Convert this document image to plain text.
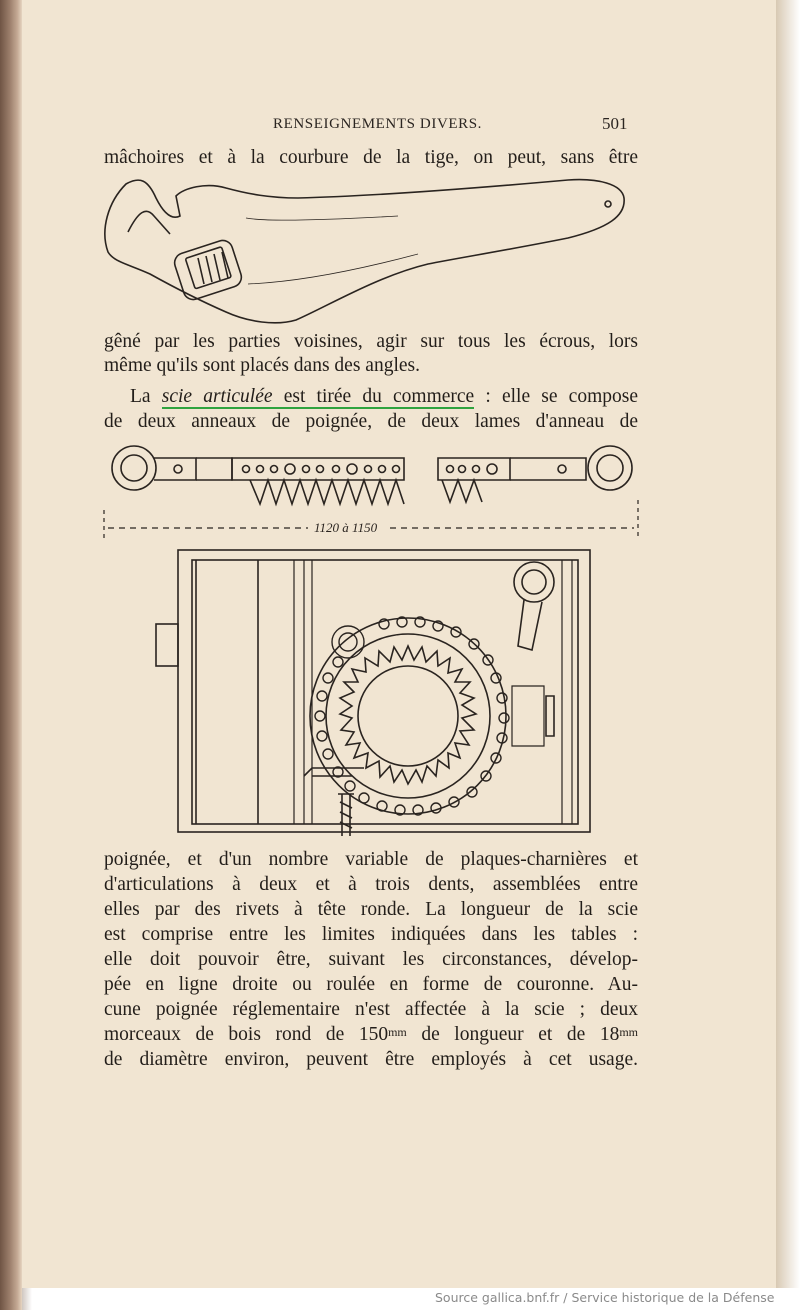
RENSEIGNEMENTS DIVERS.	501
mâchoires et à la courbure de la tige, on peut, sans être
gêné par les parties voisines, agir sur tous les écrous, lors
même qu'ils sont placés dans des angles.
La scie articulée est tirée du commerce : elle se compose
de deux anneaux de poignée, de deux lames d'anneau de
1120 à 1150
poignée, et d'un nombre variable de plaques-charnières et
d'articulations à deux et à trois dents, assemblées entre
elles par des rivets à tête ronde. La longueur de la scie
est comprise entre les limites indiquées dans les tables :
elle doit pouvoir être, suivant les circonstances, dévelop-
pée en ligne droite ou roulée en forme de couronne. Au-
cune poignée réglementaire n'est affectée à la scie ; deux
morceaux de bois rond de $150^{mm}$ de longueur et de $18^{mm}$
de diamètre environ, peuvent être employés à cet usage.
Source gallica.bnf.fr / Service historique de la Défense
